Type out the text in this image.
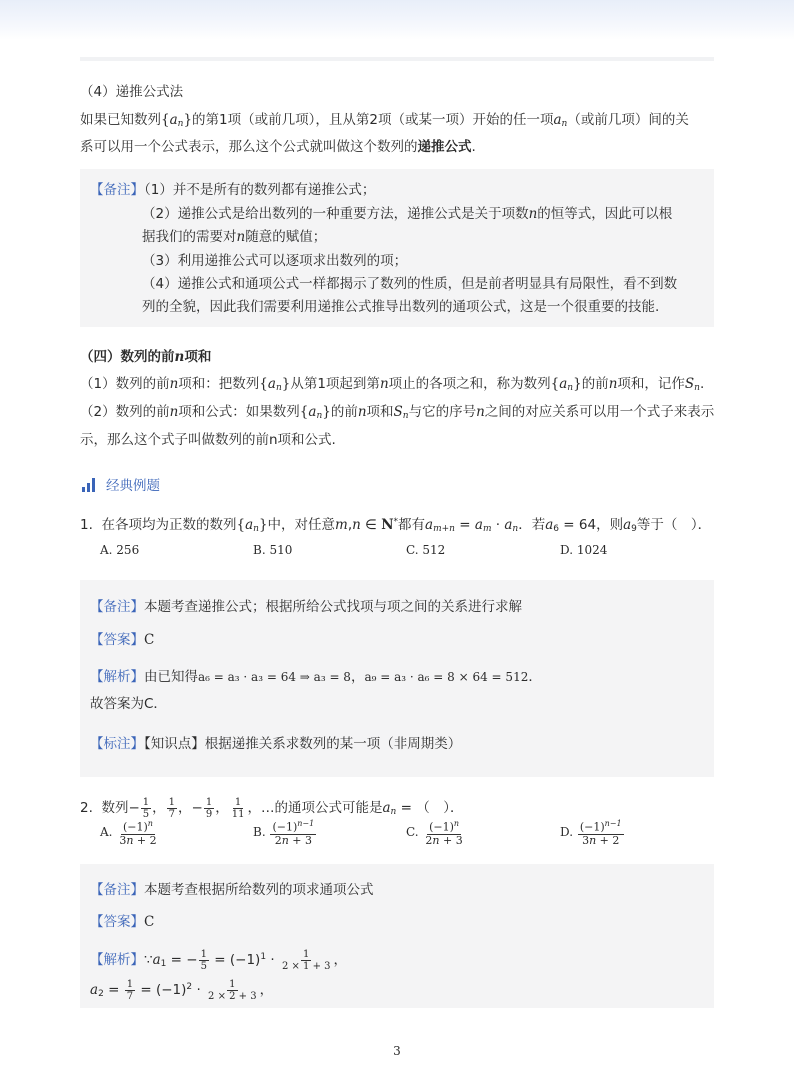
（4）递推公式法
如果已知数列$\{a_n\}$的第1项（或前几项），且从第2项（或某一项）开始的任一项$a_n$（或前几项）间的关
系可以用一个公式表示，那么这个公式就叫做这个数列的递推公式.
【备注】（1）并不是所有的数列都有递推公式；
（2）递推公式是给出数列的一种重要方法，递推公式是关于项数n的恒等式，因此可以根
据我们的需要对n随意的赋值；
（3）利用递推公式可以逐项求出数列的项；
（4）递推公式和通项公式一样都揭示了数列的性质，但是前者明显具有局限性，看不到数
列的全貌，因此我们需要利用递推公式推导出数列的通项公式，这是一个很重要的技能.
（四）数列的前n项和
（1）数列的前n项和：把数列$\{a_n\}$从第1项起到第n项止的各项之和，称为数列$\{a_n\}$的前n项和，记作$S_n$.
（2）数列的前n项和公式：如果数列$\{a_n\}$的前n项和$S_n$与它的序号n之间的对应关系可以用一个式子来表示
示，那么这个式子叫做数列的前n项和公式.
经典例题
1. 在各项均为正数的数列$\{a_n\}$中，对任意m,n ∈ N*都有$a_{m+n} = a_m \cdot a_n$．若$a_6 = 64$，则$a_9$等于（　）．
A. 256	B. 510	C. 512	D. 1024
【备注】本题考查递推公式；根据所给公式找项与项之间的关系进行求解
【答案】C
【解析】由已知得a₆ = a₃ · a₃ = 64 ⇒ a₃ = 8，a₉ = a₃ · a₆ = 8 × 64 = 512．
故答案为C．
【标注】【知识点】根据递推关系求数列的某一项（非周期类）
2. 数列− $\frac{1}{5}$ ， $\frac{1}{7}$ ，− $\frac{1}{9}$ ， $\frac{1}{11}$ ，…的通项公式可能是$a_n$ = （　）．
A. $\frac{(-1)^n}{3n + 2}$	B. $\frac{(-1)^{n-1}}{2n + 3}$	C. $\frac{(-1)^n}{2n + 3}$	D. $\frac{(-1)^{n-1}}{3n + 2}$
【备注】本题考查根据所给数列的项求通项公式
【答案】C
【解析】$\because a_1$ = − $\frac{1}{5} = (-1)^1 \cdot \frac{1}{2 \times 1 + 3}$ ，
$a_2 = \frac{1}{7} = (-1)^2 \cdot \frac{1}{2 \times 2 + 3}$ ，
3
